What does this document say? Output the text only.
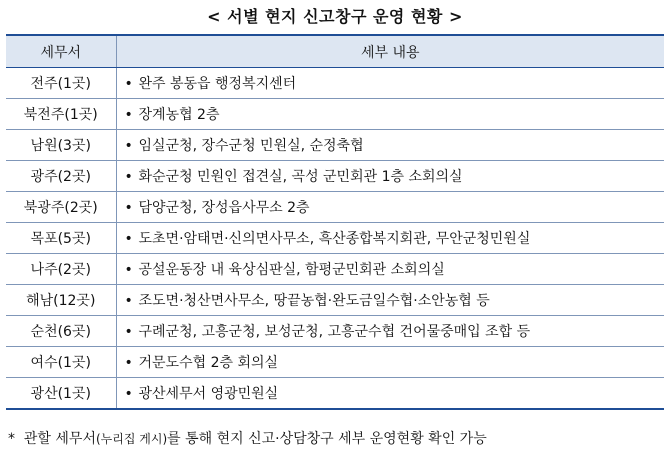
< 서별 현지 신고창구 운영 현황 >
세무서	세부 내용
전주(1곳)	• 완주 봉동읍 행정복지센터
북전주(1곳)	• 장계농협 2층
남원(3곳)	• 임실군청, 장수군청 민원실, 순정축협
광주(2곳)	• 화순군청 민원인 접견실, 곡성 군민회관 1층 소회의실
북광주(2곳)	• 담양군청, 장성읍사무소 2층
목포(5곳)	• 도초면·암태면·신의면사무소, 흑산종합복지회관, 무안군청민원실
나주(2곳)	• 공설운동장 내 육상심판실, 함평군민회관 소회의실
해남(12곳)	• 조도면·청산면사무소, 땅끝농협·완도금일수협·소안농협 등
순천(6곳)	• 구례군청, 고흥군청, 보성군청, 고흥군수협 건어물중매입 조합 등
여수(1곳)	• 거문도수협 2층 회의실
광산(1곳)	• 광산세무서 영광민원실
* 관할 세무서(누리집 게시)를 통해 현지 신고·상담창구 세부 운영현황 확인 가능
